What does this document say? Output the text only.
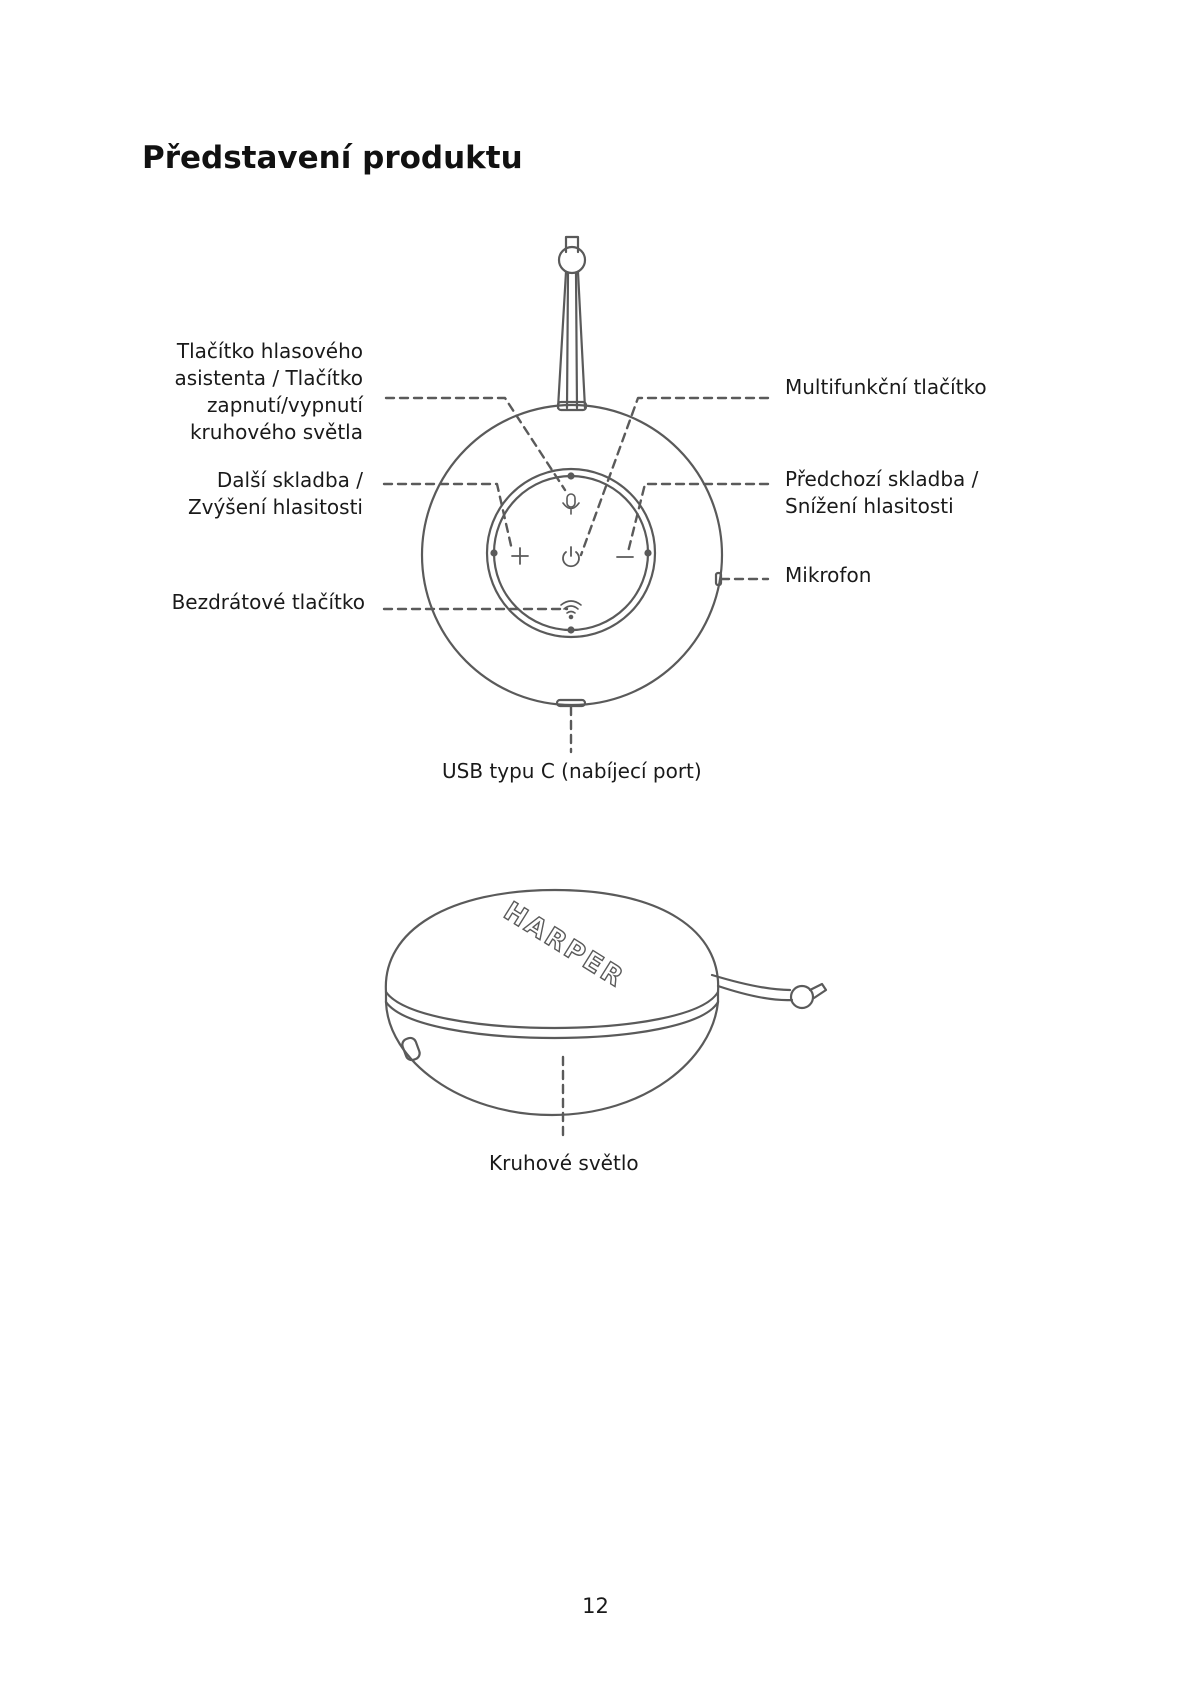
Představení produktu
Tlačítko hlasového
asistenta / Tlačítko
zapnutí/vypnutí
kruhového světla
Další skladba /
Zvýšení hlasitosti
Bezdrátové tlačítko
Multifunkční tlačítko
Předchozí skladba /
Snížení hlasitosti
Mikrofon
USB typu C (nabíjecí port)
Kruhové světlo
12
HARPER
